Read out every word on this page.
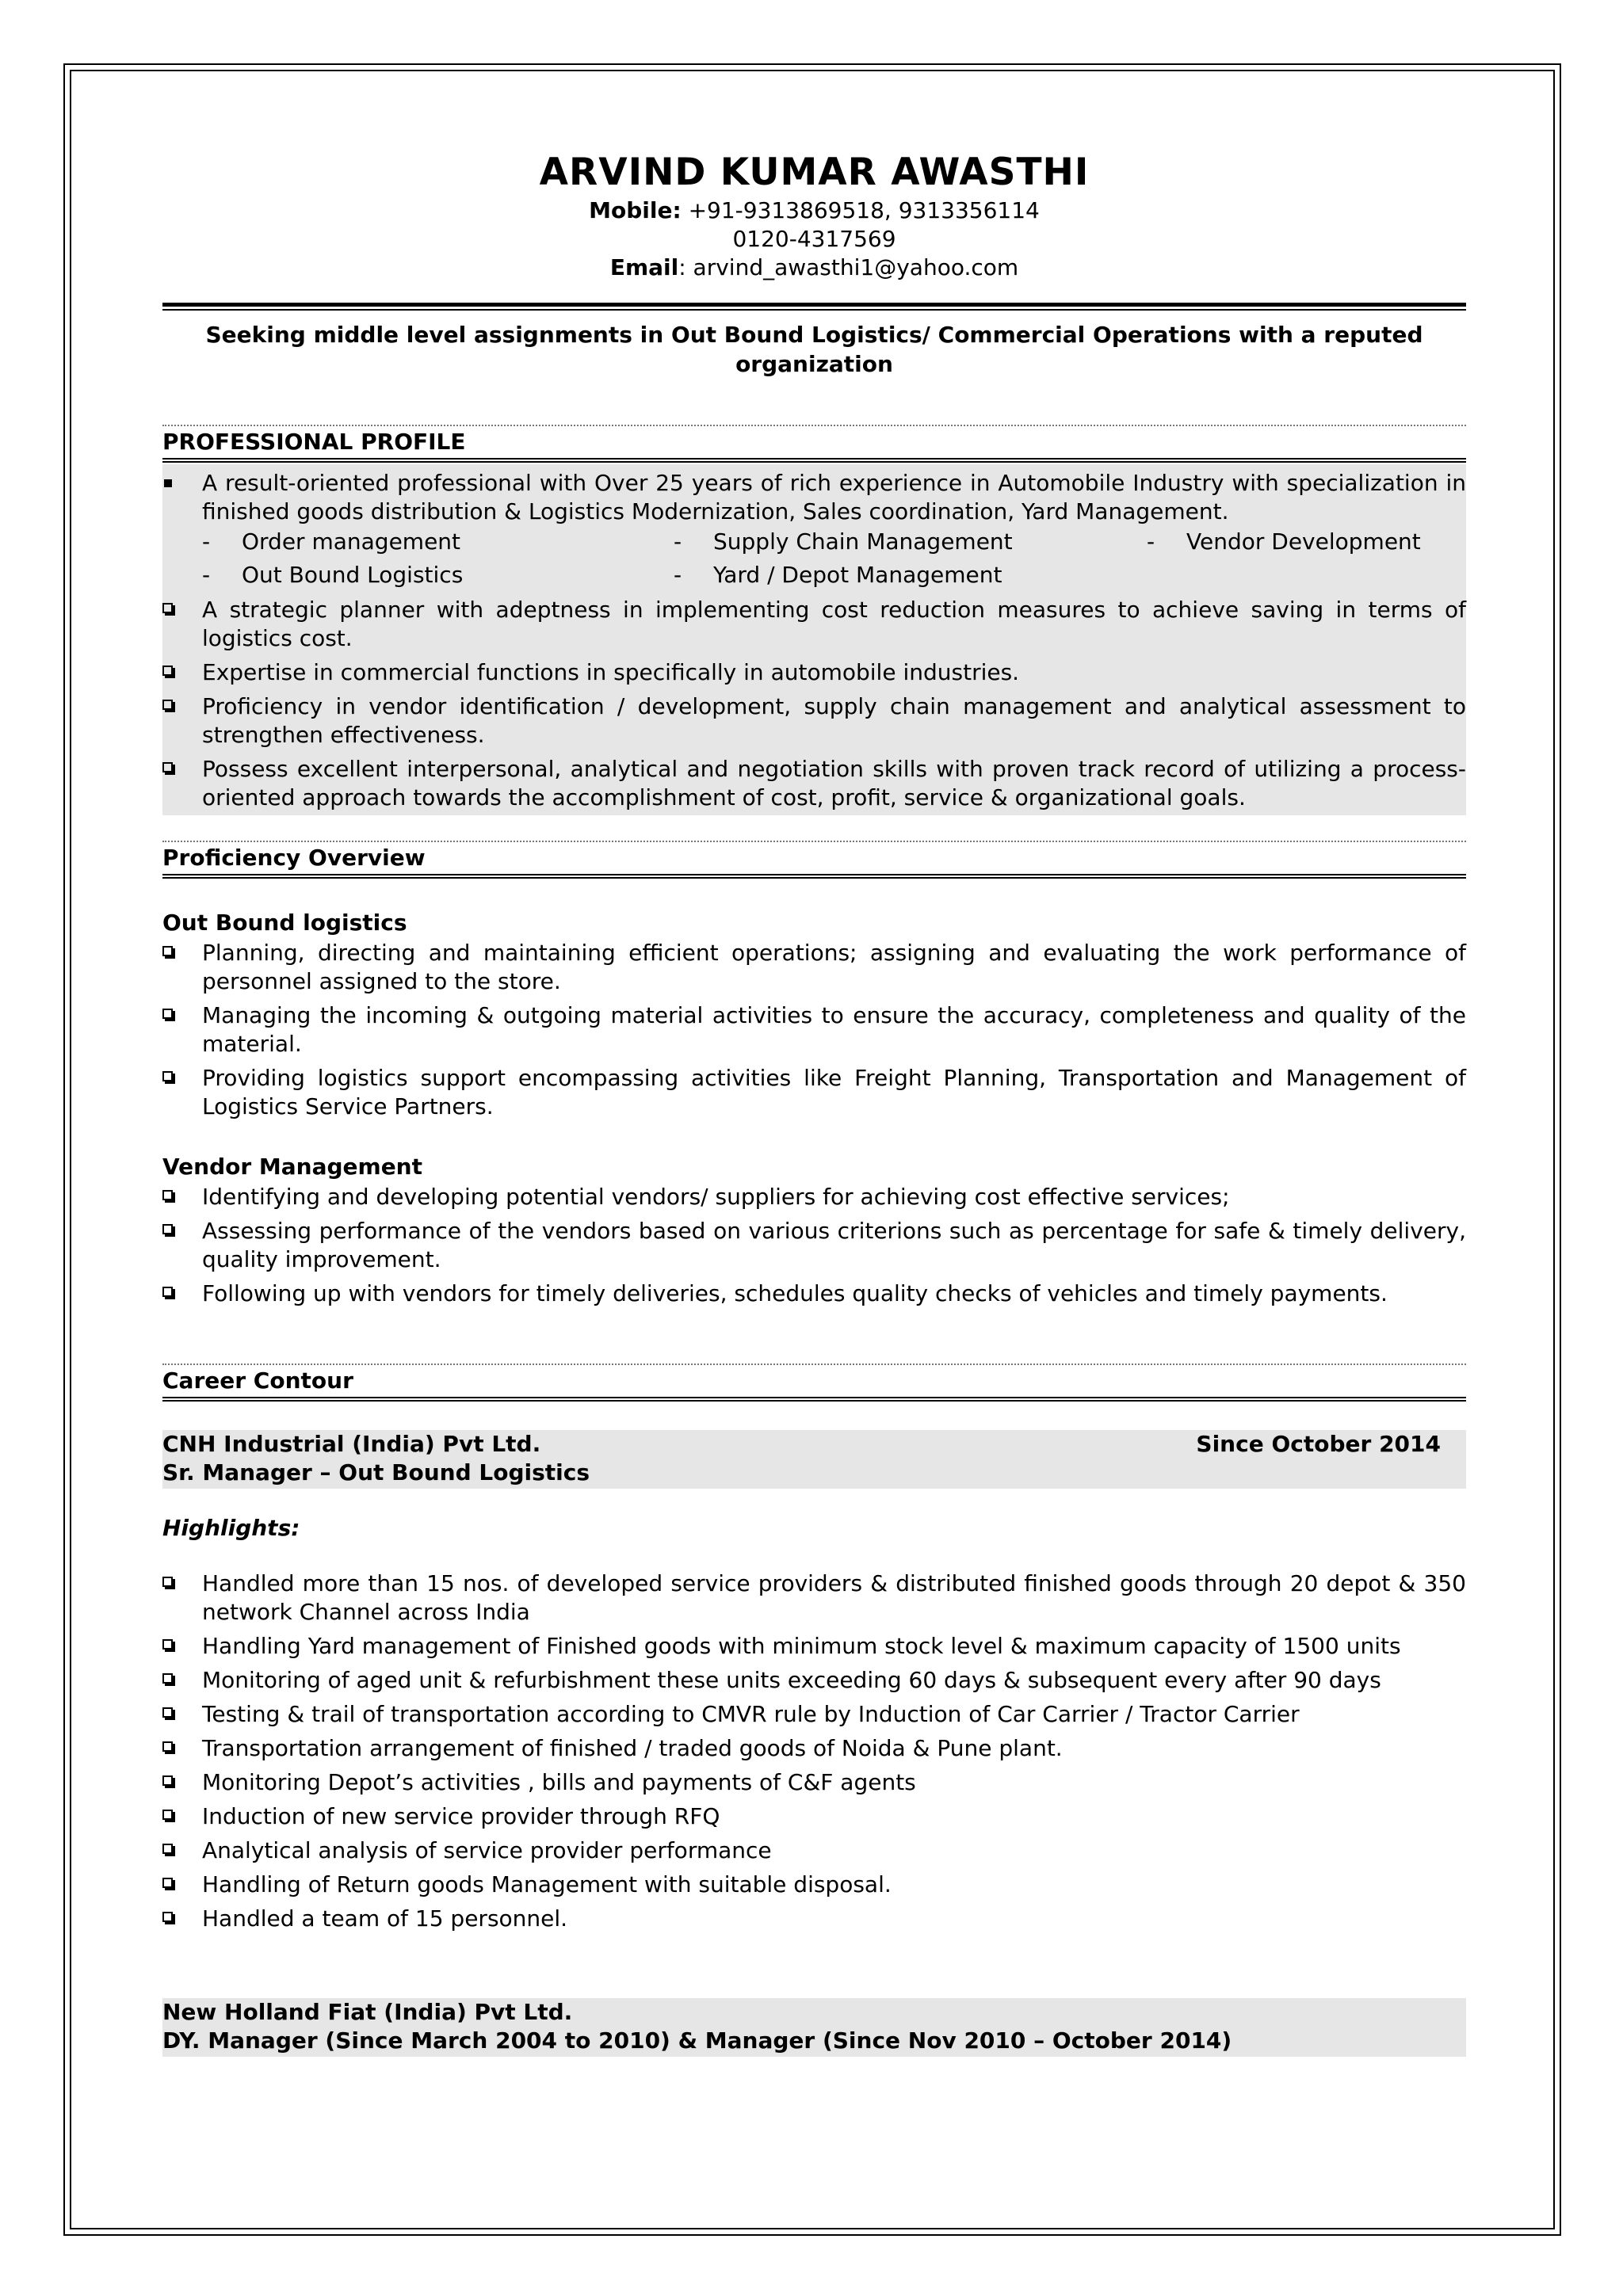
ARVIND KUMAR AWASTHI
Mobile: +91-9313869518, 9313356114
0120-4317569
Email: arvind_awasthi1@yahoo.com
Seeking middle level assignments in Out Bound Logistics/ Commercial Operations with a reputed organization
PROFESSIONAL PROFILE
A result-oriented professional with Over 25 years of rich experience in Automobile Industry with specialization in finished goods distribution & Logistics Modernization, Sales coordination, Yard Management.
-	Order management	-	Supply Chain Management	-	Vendor Development
-	Out Bound Logistics	-	Yard / Depot Management
A strategic planner with adeptness in implementing cost reduction measures to achieve saving in terms of logistics cost.
Expertise in commercial functions in specifically in automobile industries.
Proficiency in vendor identification / development, supply chain management and analytical assessment to strengthen effectiveness.
Possess excellent interpersonal, analytical and negotiation skills with proven track record of utilizing a process-oriented approach towards the accomplishment of cost, profit, service & organizational goals.
Proficiency Overview
Out Bound logistics
Planning, directing and maintaining efficient operations; assigning and evaluating the work performance of personnel assigned to the store.
Managing the incoming & outgoing material activities to ensure the accuracy, completeness and quality of the material.
Providing logistics support encompassing activities like Freight Planning, Transportation and Management of Logistics Service Partners.
Vendor Management
Identifying and developing potential vendors/ suppliers for achieving cost effective services;
Assessing performance of the vendors based on various criterions such as percentage for safe & timely delivery, quality improvement.
Following up with vendors for timely deliveries, schedules quality checks of vehicles and timely payments.
Career Contour
CNH Industrial (India) Pvt Ltd.	Since October 2014
Sr. Manager – Out Bound Logistics
Highlights:
Handled more than 15 nos. of developed service providers & distributed finished goods through 20 depot & 350 network Channel across India
Handling Yard management of Finished goods with minimum stock level & maximum capacity of 1500 units
Monitoring of aged unit & refurbishment these units exceeding 60 days & subsequent every after 90 days
Testing & trail of transportation according to CMVR rule by Induction of Car Carrier / Tractor Carrier
Transportation arrangement of finished / traded goods of Noida & Pune plant.
Monitoring Depot’s activities , bills and payments of C&F agents
Induction of new service provider through RFQ
Analytical analysis of service provider performance
Handling of Return goods Management with suitable disposal.
Handled a team of 15 personnel.
New Holland Fiat (India) Pvt Ltd.
DY. Manager (Since March 2004 to 2010) & Manager (Since Nov 2010 – October 2014)
